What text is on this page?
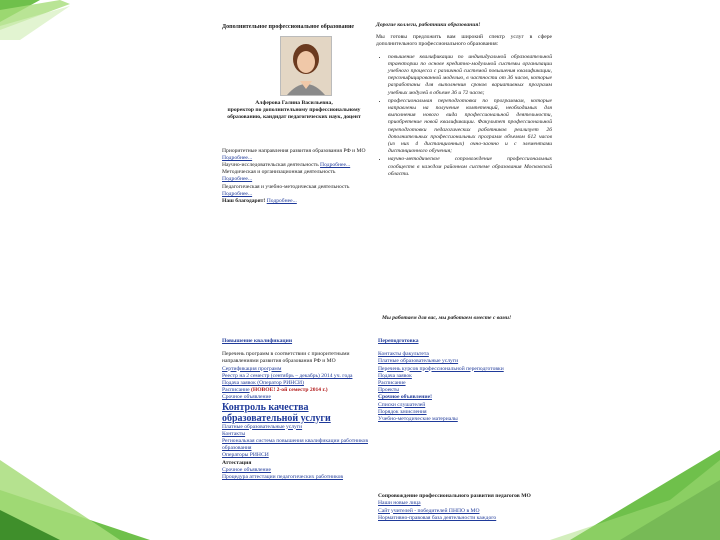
Дополнительное профессиональное образование
Алферова Галина Васильевна,
проректор по дополнительному профессиональному образованию, кандидат педагогических наук, доцент
Приоритетные направления развития образования РФ и МО Подробнее...
Научно-исследовательская деятельность Подробнее...
Методическая и организационная деятельность Подробнее...
Педагогическая и учебно-методическая деятельность Подробнее...
Наш благодарят! Подробнее...
Дорогие коллеги, работники образования!
Мы готовы предложить вам широкий спектр услуг в сфере дополнительного профессионального образования:
• повышение квалификации по индивидуальной образовательной траектории по основе кредитно-модульной системы организации учебного процесса с различной системой повышения квалификации, персонифицированной моделью, в частности от 36 часов, которые разработаны для выполнения сроков вариативных программ учебных модулей в объеме 36 и 72 часов;
• профессиональная переподготовка по программам, которые направлены на получение компетенций, необходимых для выполнения нового вида профессиональной деятельности, приобретение новой квалификации. Факультет профессиональной переподготовки педагогических работников реализует 26 дополнительных профессиональных программ объемом 612 часов (из них 4 дистанционных) очно-заочно и с элементами дистанционного обучения;
• научно-методическое сопровождение профессиональных сообществ в каждом районном системе образования Московской области.
Мы работаем для вас, мы работаем вместе с вами!
Повышение квалификации
Перечень программ в соответствии с приоритетными направлениями развития образования РФ и МО
Сертификация программ
Реестр на 2 семестр (сентябрь – декабрь) 2014 уч. года
Подача заявок (Оператор РИНСИ)
Расписание (НОВОЕ! 2-ой семестр 2014 г.)
Срочное объявление
Контроль качества образовательной услуги
Платные образовательные услуги
Контакты
Региональная система повышения квалификации работников образования
Операторы РИНСИ
Аттестация
Срочное объявление
Процедура аттестации педагогических работников
Переподготовка
Контакты факультета
Платные образовательные услуги
Перечень курсов профессиональной переподготовки
Подача заявок
Расписание
Проекты
Срочное объявление!
Списки слушателей
Порядок зачисления
Учебно-методические материалы
Сопровождение профессионального развития педагогов МО
Наши новые лица
Сайт учителей - победителей ПНПО в МО
Нормативно-правовая база деятельности каждого
